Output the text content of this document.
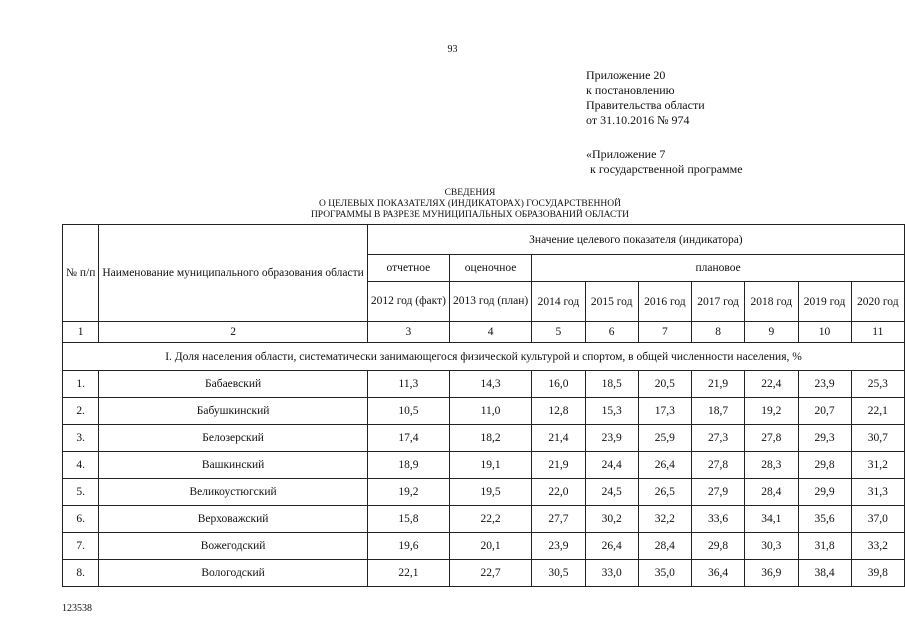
93
Приложение 20
к постановлению
Правительства области
от 31.10.2016 № 974
«Приложение 7
к государственной программе
СВЕДЕНИЯ
О ЦЕЛЕВЫХ ПОКАЗАТЕЛЯХ (ИНДИКАТОРАХ) ГОСУДАРСТВЕННОЙ
ПРОГРАММЫ В РАЗРЕЗЕ МУНИЦИПАЛЬНЫХ ОБРАЗОВАНИЙ ОБЛАСТИ
№ п/п	Наименование муниципального образования области	Значение целевого показателя (индикатора)								
		отчетное	оценочное	плановое						
		2012 год (факт)	2013 год (план)	2014 год	2015 год	2016 год	2017 год	2018 год	2019 год	2020 год
1	2	3	4	5	6	7	8	9	10	11
I. Доля населения области, систематически занимающегося физической культурой и спортом, в общей численности населения, %										
1.	Бабаевский	11,3	14,3	16,0	18,5	20,5	21,9	22,4	23,9	25,3
2.	Бабушкинский	10,5	11,0	12,8	15,3	17,3	18,7	19,2	20,7	22,1
3.	Белозерский	17,4	18,2	21,4	23,9	25,9	27,3	27,8	29,3	30,7
4.	Вашкинский	18,9	19,1	21,9	24,4	26,4	27,8	28,3	29,8	31,2
5.	Великоустюгский	19,2	19,5	22,0	24,5	26,5	27,9	28,4	29,9	31,3
6.	Верховажский	15,8	22,2	27,7	30,2	32,2	33,6	34,1	35,6	37,0
7.	Вожегодский	19,6	20,1	23,9	26,4	28,4	29,8	30,3	31,8	33,2
8.	Вологодский	22,1	22,7	30,5	33,0	35,0	36,4	36,9	38,4	39,8
123538
